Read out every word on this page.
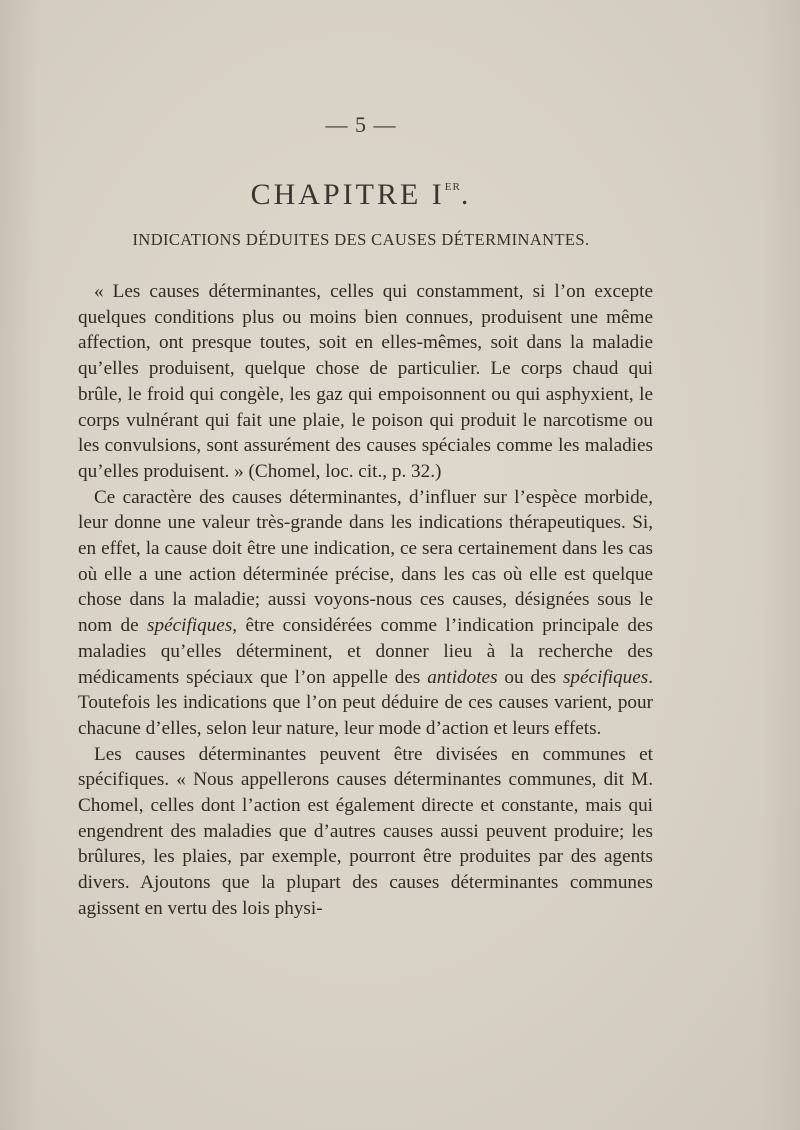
— 5 —
CHAPITRE IER.
INDICATIONS DÉDUITES DES CAUSES DÉTERMINANTES.

« Les causes déterminantes, celles qui constamment, si l’on excepte quelques conditions plus ou moins bien connues, produisent une même affection, ont presque toutes, soit en elles-mêmes, soit dans la maladie qu’elles produisent, quelque chose de particulier. Le corps chaud qui brûle, le froid qui congèle, les gaz qui empoisonnent ou qui asphyxient, le corps vulnérant qui fait une plaie, le poison qui produit le narcotisme ou les convulsions, sont assurément des causes spéciales comme les maladies qu’elles produisent. » (Chomel, loc. cit., p. 32.)

Ce caractère des causes déterminantes, d’influer sur l’espèce morbide, leur donne une valeur très-grande dans les indications thérapeutiques. Si, en effet, la cause doit être une indication, ce sera certainement dans les cas où elle a une action déterminée précise, dans les cas où elle est quelque chose dans la maladie; aussi voyons-nous ces causes, désignées sous le nom de spécifiques, être considérées comme l’indication principale des maladies qu’elles déterminent, et donner lieu à la recherche des médicaments spéciaux que l’on appelle des antidotes ou des spécifiques. Toutefois les indications que l’on peut déduire de ces causes varient, pour chacune d’elles, selon leur nature, leur mode d’action et leurs effets.

Les causes déterminantes peuvent être divisées en communes et spécifiques. « Nous appellerons causes déterminantes communes, dit M. Chomel, celles dont l’action est également directe et constante, mais qui engendrent des maladies que d’autres causes aussi peuvent produire; les brûlures, les plaies, par exemple, pourront être produites par des agents divers. Ajoutons que la plupart des causes déterminantes communes agissent en vertu des lois physi-
